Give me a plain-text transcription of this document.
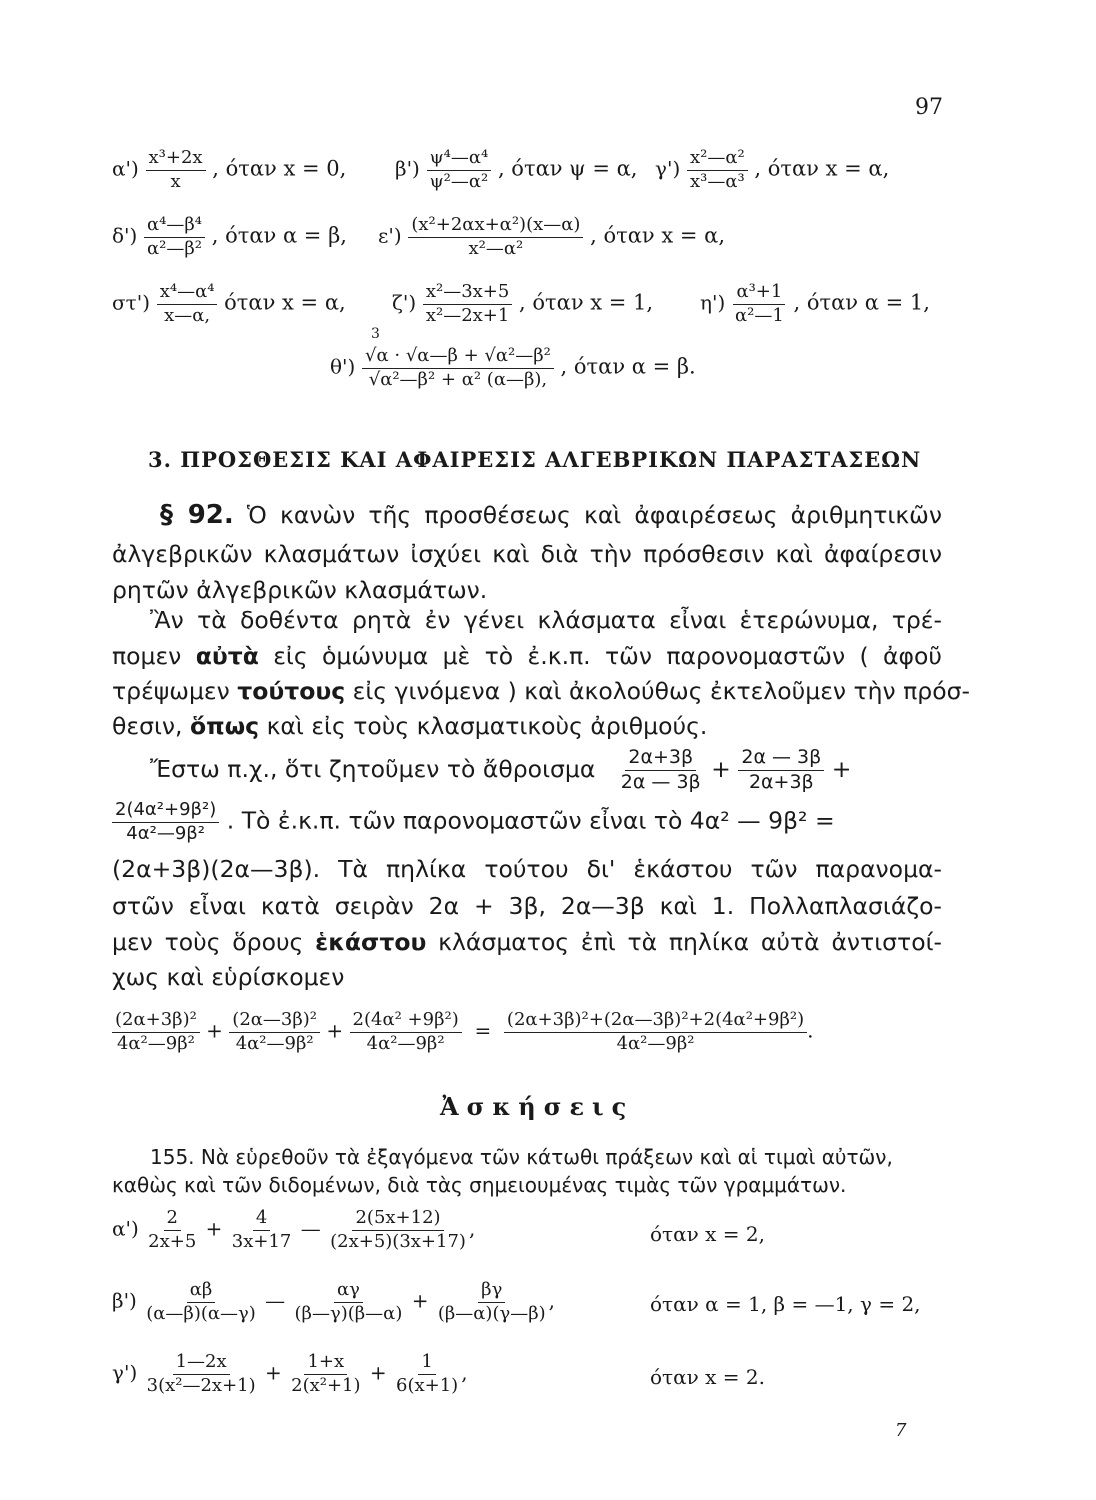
97
$\alpha') \frac{\text{x³+2x}}{x}$ , όταν x = 0, $\beta') \frac{\text{ψ⁴—α⁴}}{\text{ψ²—α²}}$ , όταν ψ = α, $\gamma') \frac{\text{x²—α²}}{\text{x³—α³}}$ , όταν x = α,
$\delta') \frac{\text{α⁴—β⁴}}{\text{α²—β²}}$ , όταν α = β, $\varepsilon') \frac{\text{(x²+2αx+α²)(x—α)}}{\text{x²—α²}}$ , όταν x = α,
$\sigma\tau') \frac{\text{x⁴—α⁴}}{x—\alpha,}$ όταν x = α, $\zeta') \frac{\text{x²—3x+5}}{\text{x²—2x+1}}$ , όταν x = 1, $\eta') \frac{\text{α³+1}}{\text{α²—1}}$ , όταν α = 1,
3
$\theta') \frac{\text{√α · √α—β + √α²—β²}}{\text{√α²—β² + α² (α—β),}}$ , όταν α = β.
3. ΠΡΟΣΘΕΣΙΣ ΚΑΙ ΑΦΑΙΡΕΣΙΣ ΑΛΓΕΒΡΙΚΩΝ ΠΑΡΑΣΤΑΣΕΩΝ
§ 92. Ὁ κανὼν τῆς προσθέσεως καὶ ἀφαιρέσεως ἀριθμητικῶν
ἀλγεβρικῶν κλασμάτων ἰσχύει καὶ διὰ τὴν πρόσθεσιν καὶ ἀφαίρεσιν
ρητῶν ἀλγεβρικῶν κλασμάτων.
Ἂν τὰ δοθέντα ρητὰ ἐν γένει κλάσματα εἶναι ἑτερώνυμα, τρέ-
πομεν αὐτὰ εἰς ὁμώνυμα μὲ τὸ ἐ.κ.π. τῶν παρονομαστῶν ( ἀφοῦ
τρέψωμεν τούτους εἰς γινόμενα ) καὶ ἀκολούθως ἐκτελοῦμεν τὴν πρόσ-
θεσιν, ὅπως καὶ εἰς τοὺς κλασματικοὺς ἀριθμούς.
Ἔστω π.χ., ὅτι ζητοῦμεν τὸ ἄθροισμα $\frac{2\alpha+3\beta}{2\alpha — 3\beta} + \frac{2\alpha — 3\beta}{2\alpha+3\beta}$ +
$\frac{\text{2(4α²+9β²)}}{\text{4α²—9β²}}$ . Τὸ ἐ.κ.π. τῶν παρονομαστῶν εἶναι τὸ 4α² — 9β² =
(2α+3β)(2α—3β). Τὰ πηλίκα τούτου δι' ἑκάστου τῶν παρανομα-
στῶν εἶναι κατὰ σειρὰν 2α + 3β, 2α—3β καὶ 1. Πολλαπλασιάζο-
μεν τοὺς ὅρους ἑκάστου κλάσματος ἐπὶ τὰ πηλίκα αὐτὰ ἀντιστοί-
χως καὶ εὑρίσκομεν
$\frac{\text{(2α+3β)²}}{\text{4α²—9β²}} + \frac{\text{(2α—3β)²}}{\text{4α²—9β²}} + \frac{\text{2(4α² +9β²)}}{\text{4α²—9β²}} = \frac{\text{(2α+3β)²+(2α—3β)²+2(4α²+9β²)}}{\text{4α²—9β²}}$ .
Ἀσκήσεις
155. Νὰ εὑρεθοῦν τὰ ἐξαγόμενα τῶν κάτωθι πράξεων καὶ αἱ τιμαὶ αὐτῶν,
καθὼς καὶ τῶν διδομένων, διὰ τὰς σημειουμένας τιμὰς τῶν γραμμάτων.
$\alpha') \frac{2}{2x+5} + \frac{4}{3x+17}$ — $\frac{2(5x+12)}{(2x+5)(3x+17)}$ ,	όταν x = 2,
$\beta') \frac{\alpha\beta}{(\alpha—\beta)(\alpha—\gamma)}$ — $\frac{\alpha\gamma}{(\beta—\gamma)(\beta—\alpha)} + \frac{\beta\gamma}{(\beta—\alpha)(\gamma—\beta)}$ ,	όταν α = 1, β = —1, γ = 2,
$\gamma') \frac{1—2x}{\text{3(x²—2x+1)}} + \frac{1+x}{\text{2(x²+1)}} + \frac{1}{6(x+1)}$ ,	όταν x = 2.
7
